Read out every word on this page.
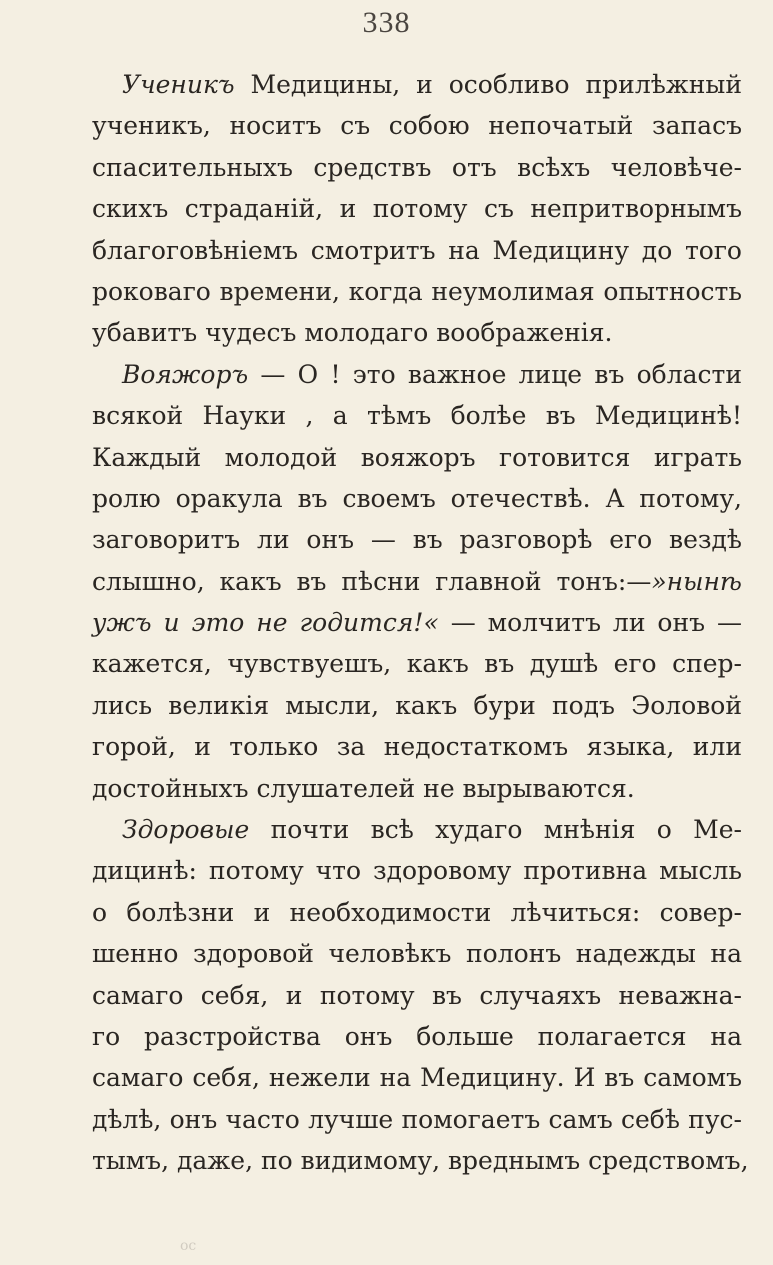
338
Ученикъ Медицины, и особливо прилѣжный
ученикъ, носитъ съ собою непочатый запасъ
спасительныхъ средствъ отъ всѣхъ человѣче-
скихъ страданій, и потому съ непритворнымъ
благоговѣніемъ смотритъ на Медицину до того
роковаго времени, когда неумолимая опытность
убавитъ чудесъ молодаго воображенія.
Вояжоръ — О ! это важное лице въ области
всякой Науки , а тѣмъ болѣе въ Медицинѣ!
Каждый молодой вояжоръ готовится играть
ролю оракула въ своемъ отечествѣ. А потому,
заговоритъ ли онъ — въ разговорѣ его вездѣ
слышно, какъ въ пѣсни главной тонъ:—»нынѣ
ужъ и это не годится!« — молчитъ ли онъ —
кажется, чувствуешъ, какъ въ душѣ его спер-
лись великія мысли, какъ бури подъ Эоловой
горой, и только за недостаткомъ языка, или
достойныхъ слушателей не вырываются.
Здоровые почти всѣ худаго мнѣнія о Ме-
дицинѣ: потому что здоровому противна мысль
о болѣзни и необходимости лѣчиться: совер-
шенно здоровой человѣкъ полонъ надежды на
самаго себя, и потому въ случаяхъ неважна-
го разстройства онъ больше полагается на
самаго себя, нежели на Медицину. И въ самомъ
дѣлѣ, онъ часто лучше помогаетъ самъ себѣ пус-
тымъ, даже, по видимому, вреднымъ средствомъ,
oc
